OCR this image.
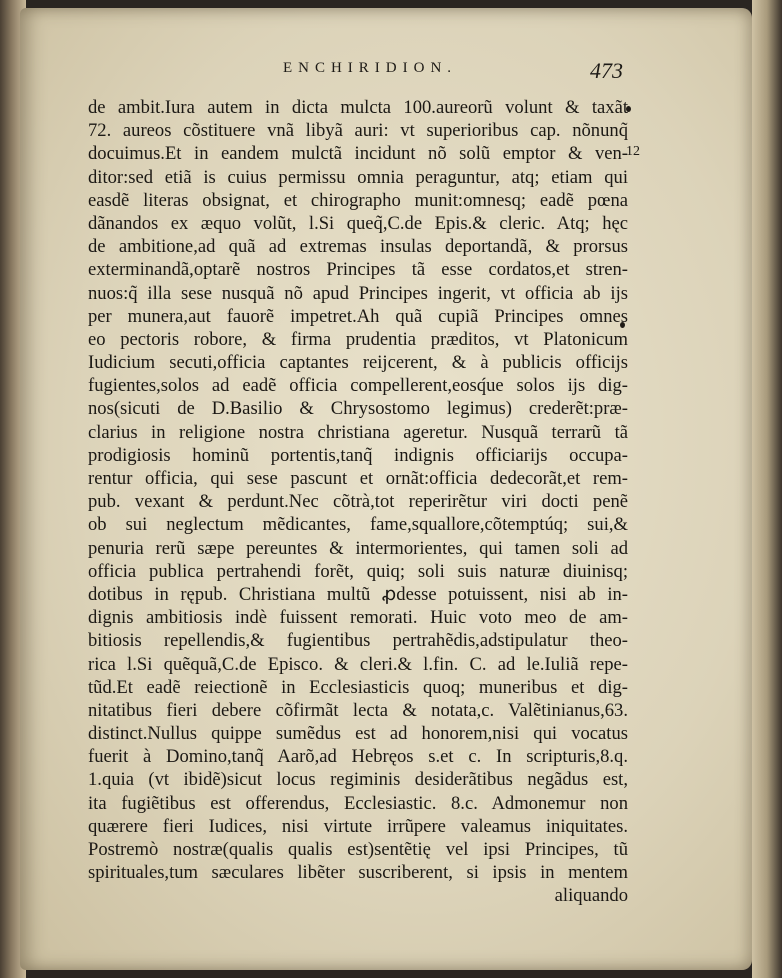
ENCHIRIDION.	473
12
de ambit.Iura autem in dicta mulcta 100.aureorũ volunt & taxãt
72. aureos cõstituere vnã libyã auri: vt superioribus cap. nõnunq̃
docuimus.Et in eandem mulctã incidunt nõ solũ emptor & ven-
ditor:sed etiã is cuius permissu omnia peraguntur, atq; etiam qui
easdẽ literas obsignat, et chirographo munit:omnesq; eadẽ pœna
dãnandos ex æquo volũt, l.Si queq̃,C.de Epis.& cleric. Atq; hęc
de ambitione,ad quã ad extremas insulas deportandã, & prorsus
exterminandã,optarẽ nostros Principes tã esse cordatos,et stren-
nuos:q̃ illa sese nusquã nõ apud Principes ingerit, vt officia ab ijs
per munera,aut fauorẽ impetret.Ah quã cupiã Principes omnes
eo pectoris robore, & firma prudentia præditos, vt Platonicum
Iudicium secuti,officia captantes reijcerent, & à publicis officijs
fugientes,solos ad eadẽ officia compellerent,eosq́ue solos ijs dig-
nos(sicuti de D.Basilio & Chrysostomo legimus) crederẽt:præ-
clarius in religione nostra christiana ageretur. Nusquã terrarũ tã
prodigiosis hominũ portentis,tanq̃ indignis officiarijs occupa-
rentur officia, qui sese pascunt et ornãt:officia dedecorãt,et rem-
pub. vexant & perdunt.Nec cõtrà,tot reperirẽtur viri docti penẽ
ob sui neglectum mẽdicantes, fame,squallore,cõtemptúq; sui,&
penuria rerũ sæpe pereuntes & intermorientes, qui tamen soli ad
officia publica pertrahendi forẽt, quiq; soli suis naturæ diuinisq;
dotibus in rępub. Christiana multũ ꝓdesse potuissent, nisi ab in-
dignis ambitiosis indè fuissent remorati. Huic voto meo de am-
bitiosis repellendis,& fugientibus pertrahẽdis,adstipulatur theo-
rica l.Si quẽquã,C.de Episco. & cleri.& l.fin. C. ad le.Iuliã repe-
tũd.Et eadẽ reiectionẽ in Ecclesiasticis quoq; muneribus et dig-
nitatibus fieri debere cõfirmãt lecta & notata,c. Valẽtinianus,63.
distinct.Nullus quippe sumẽdus est ad honorem,nisi qui vocatus
fuerit à Domino,tanq̃ Aarõ,ad Hebręos s.et c. In scripturis,8.q.
1.quia (vt ibidẽ)sicut locus regiminis desiderãtibus negãdus est,
ita fugiẽtibus est offerendus, Ecclesiastic. 8.c. Admonemur non
quærere fieri Iudices, nisi virtute irrũpere valeamus iniquitates.
Postremò nostræ(qualis qualis est)sentẽtię vel ipsi Principes, tũ
spirituales,tum sæculares libẽter suscriberent, si ipsis in mentem
aliquando
